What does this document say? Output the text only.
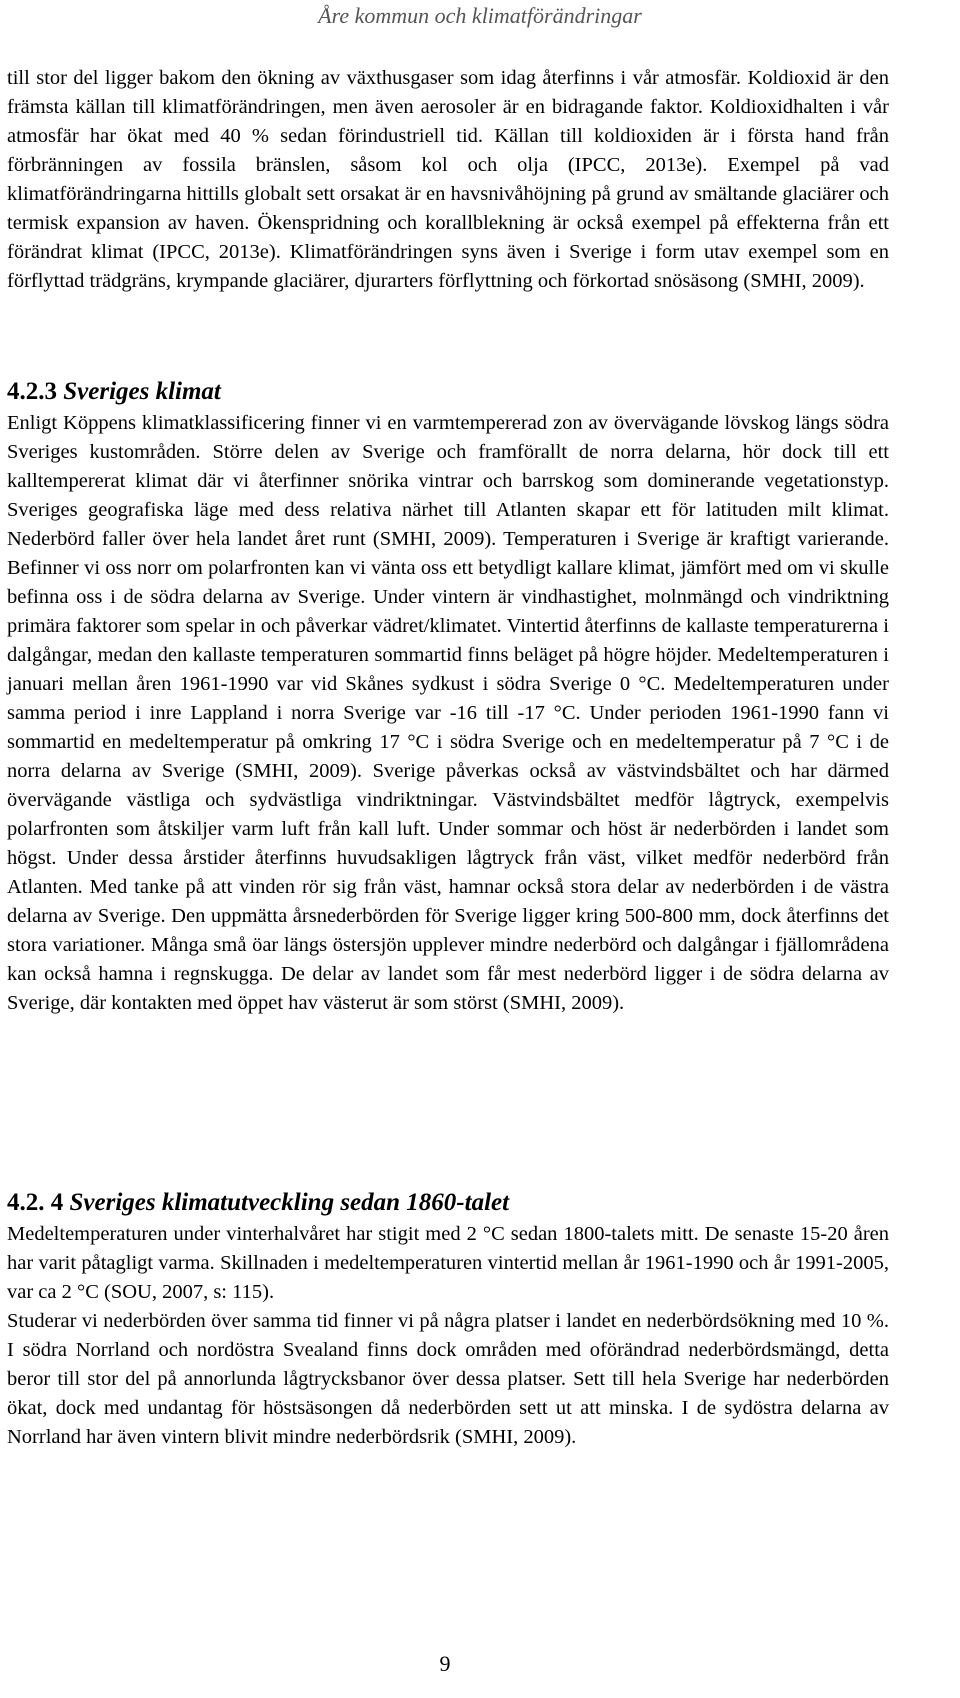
Åre kommun och klimatförändringar

till stor del ligger bakom den ökning av växthusgaser som idag återfinns i vår atmosfär. Koldioxid är den främsta källan till klimatförändringen, men även aerosoler är en bidragande faktor. Koldioxidhalten i vår atmosfär har ökat med 40 % sedan förindustriell tid. Källan till koldioxiden är i första hand från förbränningen av fossila bränslen, såsom kol och olja (IPCC, 2013e). Exempel på vad klimatförändringarna hittills globalt sett orsakat är en havsnivåhöjning på grund av smältande glaciärer och termisk expansion av haven. Ökenspridning och korallblekning är också exempel på effekterna från ett förändrat klimat (IPCC, 2013e). Klimatförändringen syns även i Sverige i form utav exempel som en förflyttad trädgräns, krympande glaciärer, djurarters förflyttning och förkortad snösäsong (SMHI, 2009).

4.2.3 Sveriges klimat

Enligt Köppens klimatklassificering finner vi en varmtempererad zon av övervägande lövskog längs södra Sveriges kustområden. Större delen av Sverige och framförallt de norra delarna, hör dock till ett kalltempererat klimat där vi återfinner snörika vintrar och barrskog som dominerande vegetationstyp. Sveriges geografiska läge med dess relativa närhet till Atlanten skapar ett för latituden milt klimat. Nederbörd faller över hela landet året runt (SMHI, 2009). Temperaturen i Sverige är kraftigt varierande. Befinner vi oss norr om polarfronten kan vi vänta oss ett betydligt kallare klimat, jämfört med om vi skulle befinna oss i de södra delarna av Sverige. Under vintern är vindhastighet, molnmängd och vindriktning primära faktorer som spelar in och påverkar vädret/klimatet. Vintertid återfinns de kallaste temperaturerna i dalgångar, medan den kallaste temperaturen sommartid finns beläget på högre höjder. Medeltemperaturen i januari mellan åren 1961-1990 var vid Skånes sydkust i södra Sverige 0 °C. Medeltemperaturen under samma period i inre Lappland i norra Sverige var -16 till -17 °C. Under perioden 1961-1990 fann vi sommartid en medeltemperatur på omkring 17 °C i södra Sverige och en medeltemperatur på 7 °C i de norra delarna av Sverige (SMHI, 2009). Sverige påverkas också av västvindsbältet och har därmed övervägande västliga och sydvästliga vindriktningar. Västvindsbältet medför lågtryck, exempelvis polarfronten som åtskiljer varm luft från kall luft. Under sommar och höst är nederbörden i landet som högst. Under dessa årstider återfinns huvudsakligen lågtryck från väst, vilket medför nederbörd från Atlanten. Med tanke på att vinden rör sig från väst, hamnar också stora delar av nederbörden i de västra delarna av Sverige. Den uppmätta årsnederbörden för Sverige ligger kring 500-800 mm, dock återfinns det stora variationer. Många små öar längs östersjön upplever mindre nederbörd och dalgångar i fjällområdena kan också hamna i regnskugga. De delar av landet som får mest nederbörd ligger i de södra delarna av Sverige, där kontakten med öppet hav västerut är som störst (SMHI, 2009).

4.2. 4 Sveriges klimatutveckling sedan 1860-talet

Medeltemperaturen under vinterhalvåret har stigit med 2 °C sedan 1800-talets mitt. De senaste 15-20 åren har varit påtagligt varma. Skillnaden i medeltemperaturen vintertid mellan år 1961-1990 och år 1991-2005, var ca 2 °C (SOU, 2007, s: 115).

Studerar vi nederbörden över samma tid finner vi på några platser i landet en nederbördsökning med 10 %. I södra Norrland och nordöstra Svealand finns dock områden med oförändrad nederbördsmängd, detta beror till stor del på annorlunda lågtrycksbanor över dessa platser. Sett till hela Sverige har nederbörden ökat, dock med undantag för höstsäsongen då nederbörden sett ut att minska. I de sydöstra delarna av Norrland har även vintern blivit mindre nederbördsrik (SMHI, 2009).

9
